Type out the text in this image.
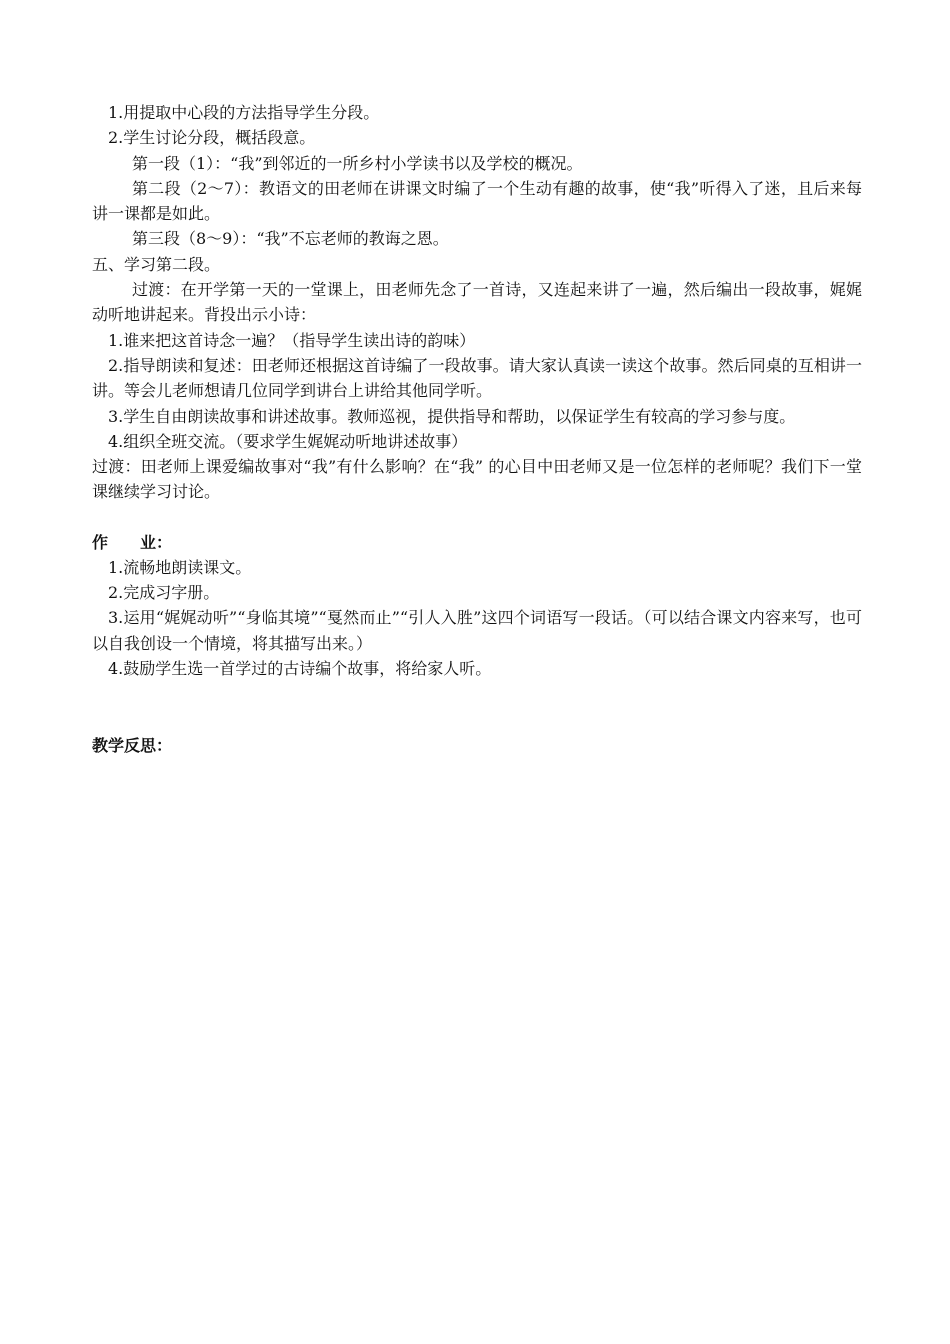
1.用提取中心段的方法指导学生分段。

2.学生讨论分段，概括段意。

第一段（1）：“我”到邻近的一所乡村小学读书以及学校的概况。

第二段（2～7）：教语文的田老师在讲课文时编了一个生动有趣的故事，使“我”听得入了迷，且后来每讲一课都是如此。

第三段（8～9）：“我”不忘老师的教诲之恩。

五、学习第二段。

过渡：在开学第一天的一堂课上，田老师先念了一首诗，又连起来讲了一遍，然后编出一段故事，娓娓动听地讲起来。背投出示小诗：

1.谁来把这首诗念一遍？（指导学生读出诗的韵味）

2.指导朗读和复述：田老师还根据这首诗编了一段故事。请大家认真读一读这个故事。然后同桌的互相讲一讲。等会儿老师想请几位同学到讲台上讲给其他同学听。

3.学生自由朗读故事和讲述故事。教师巡视，提供指导和帮助，以保证学生有较高的学习参与度。

4.组织全班交流。（要求学生娓娓动听地讲述故事）

过渡：田老师上课爱编故事对“我”有什么影响？在“我” 的心目中田老师又是一位怎样的老师呢？我们下一堂课继续学习讨论。

作　　业：

1.流畅地朗读课文。

2.完成习字册。

3.运用“娓娓动听”“身临其境”“戛然而止”“引人入胜”这四个词语写一段话。（可以结合课文内容来写，也可以自我创设一个情境，将其描写出来。）

4.鼓励学生选一首学过的古诗编个故事，将给家人听。

教学反思：
